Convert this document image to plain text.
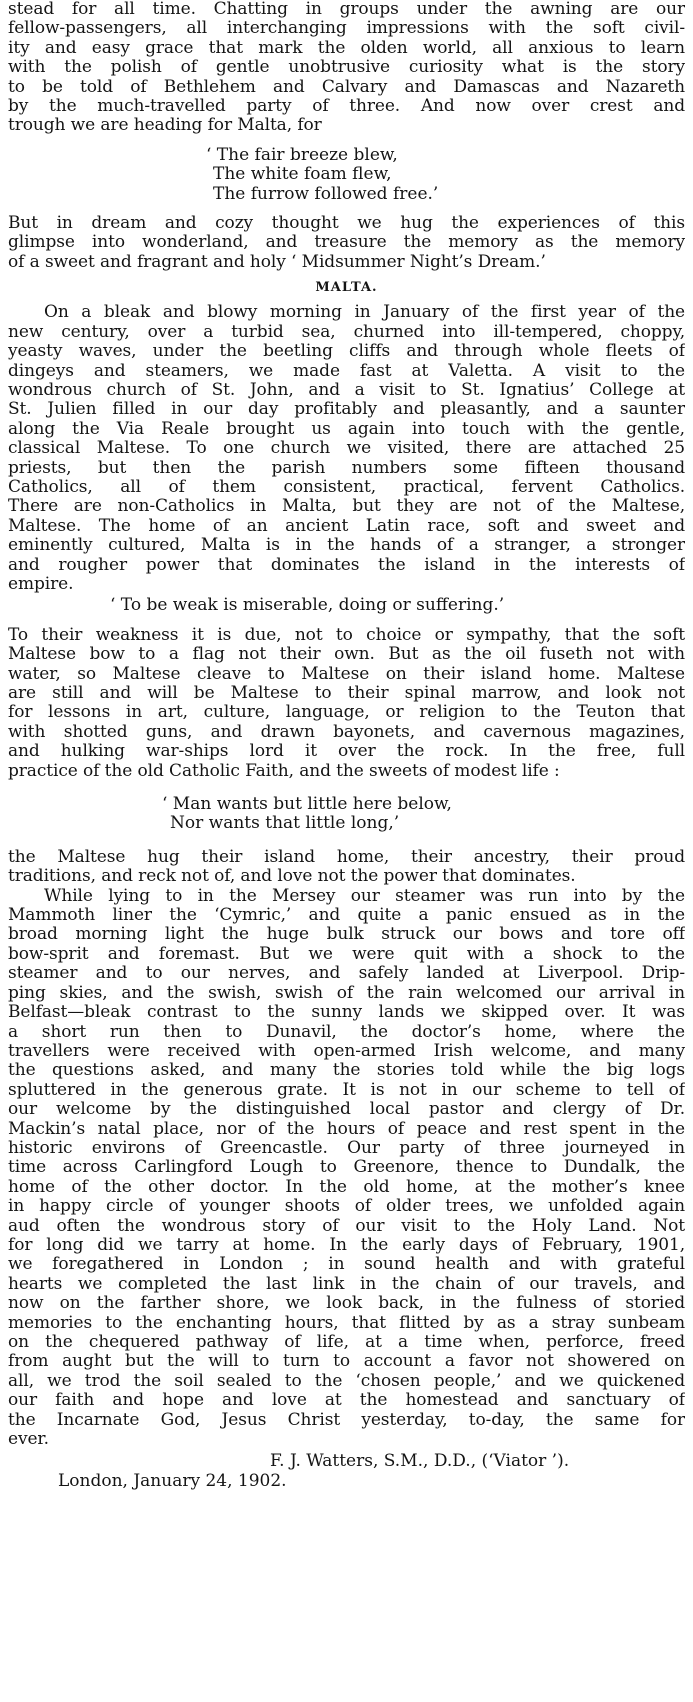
stead for all time. Chatting in groups under the awning are our
fellow-passengers, all interchanging impressions with the soft civil-
ity and easy grace that mark the olden world, all anxious to learn
with the polish of gentle unobtrusive curiosity what is the story
to be told of Bethlehem and Calvary and Damascas and Nazareth
by the much-travelled party of three. And now over crest and
trough we are heading for Malta, for
‘ The fair breeze blew,
The white foam flew,
The furrow followed free.’
But in dream and cozy thought we hug the experiences of this
glimpse into wonderland, and treasure the memory as the memory
of a sweet and fragrant and holy ‘ Midsummer Night’s Dream.’
MALTA.
On a bleak and blowy morning in January of the first year of the
new century, over a turbid sea, churned into ill-tempered, choppy,
yeasty waves, under the beetling cliffs and through whole fleets of
dingeys and steamers, we made fast at Valetta. A visit to the
wondrous church of St. John, and a visit to St. Ignatius’ College at
St. Julien filled in our day profitably and pleasantly, and a saunter
along the Via Reale brought us again into touch with the gentle,
classical Maltese. To one church we visited, there are attached 25
priests, but then the parish numbers some fifteen thousand
Catholics, all of them consistent, practical, fervent Catholics.
There are non-Catholics in Malta, but they are not of the Maltese,
Maltese. The home of an ancient Latin race, soft and sweet and
eminently cultured, Malta is in the hands of a stranger, a stronger
and rougher power that dominates the island in the interests of
empire.
‘ To be weak is miserable, doing or suffering.’
To their weakness it is due, not to choice or sympathy, that the soft
Maltese bow to a flag not their own. But as the oil fuseth not with
water, so Maltese cleave to Maltese on their island home. Maltese
are still and will be Maltese to their spinal marrow, and look not
for lessons in art, culture, language, or religion to the Teuton that
with shotted guns, and drawn bayonets, and cavernous magazines,
and hulking war-ships lord it over the rock. In the free, full
practice of the old Catholic Faith, and the sweets of modest life :
‘ Man wants but little here below,
Nor wants that little long,’
the Maltese hug their island home, their ancestry, their proud
traditions, and reck not of, and love not the power that dominates.
While lying to in the Mersey our steamer was run into by the
Mammoth liner the ‘Cymric,’ and quite a panic ensued as in the
broad morning light the huge bulk struck our bows and tore off
bow-sprit and foremast. But we were quit with a shock to the
steamer and to our nerves, and safely landed at Liverpool. Drip-
ping skies, and the swish, swish of the rain welcomed our arrival in
Belfast—bleak contrast to the sunny lands we skipped over. It was
a short run then to Dunavil, the doctor’s home, where the
travellers were received with open-armed Irish welcome, and many
the questions asked, and many the stories told while the big logs
spluttered in the generous grate. It is not in our scheme to tell of
our welcome by the distinguished local pastor and clergy of Dr.
Mackin’s natal place, nor of the hours of peace and rest spent in the
historic environs of Greencastle. Our party of three journeyed in
time across Carlingford Lough to Greenore, thence to Dundalk, the
home of the other doctor. In the old home, at the mother’s knee
in happy circle of younger shoots of older trees, we unfolded again
aud often the wondrous story of our visit to the Holy Land. Not
for long did we tarry at home. In the early days of February, 1901,
we foregathered in London ; in sound health and with grateful
hearts we completed the last link in the chain of our travels, and
now on the farther shore, we look back, in the fulness of storied
memories to the enchanting hours, that flitted by as a stray sunbeam
on the chequered pathway of life, at a time when, perforce, freed
from aught but the will to turn to account a favor not showered on
all, we trod the soil sealed to the ‘chosen people,’ and we quickened
our faith and hope and love at the homestead and sanctuary of
the Incarnate God, Jesus Christ yesterday, to-day, the same for
ever.
F. J. Watters, S.M., D.D., (‘Viator ’).
London, January 24, 1902.
